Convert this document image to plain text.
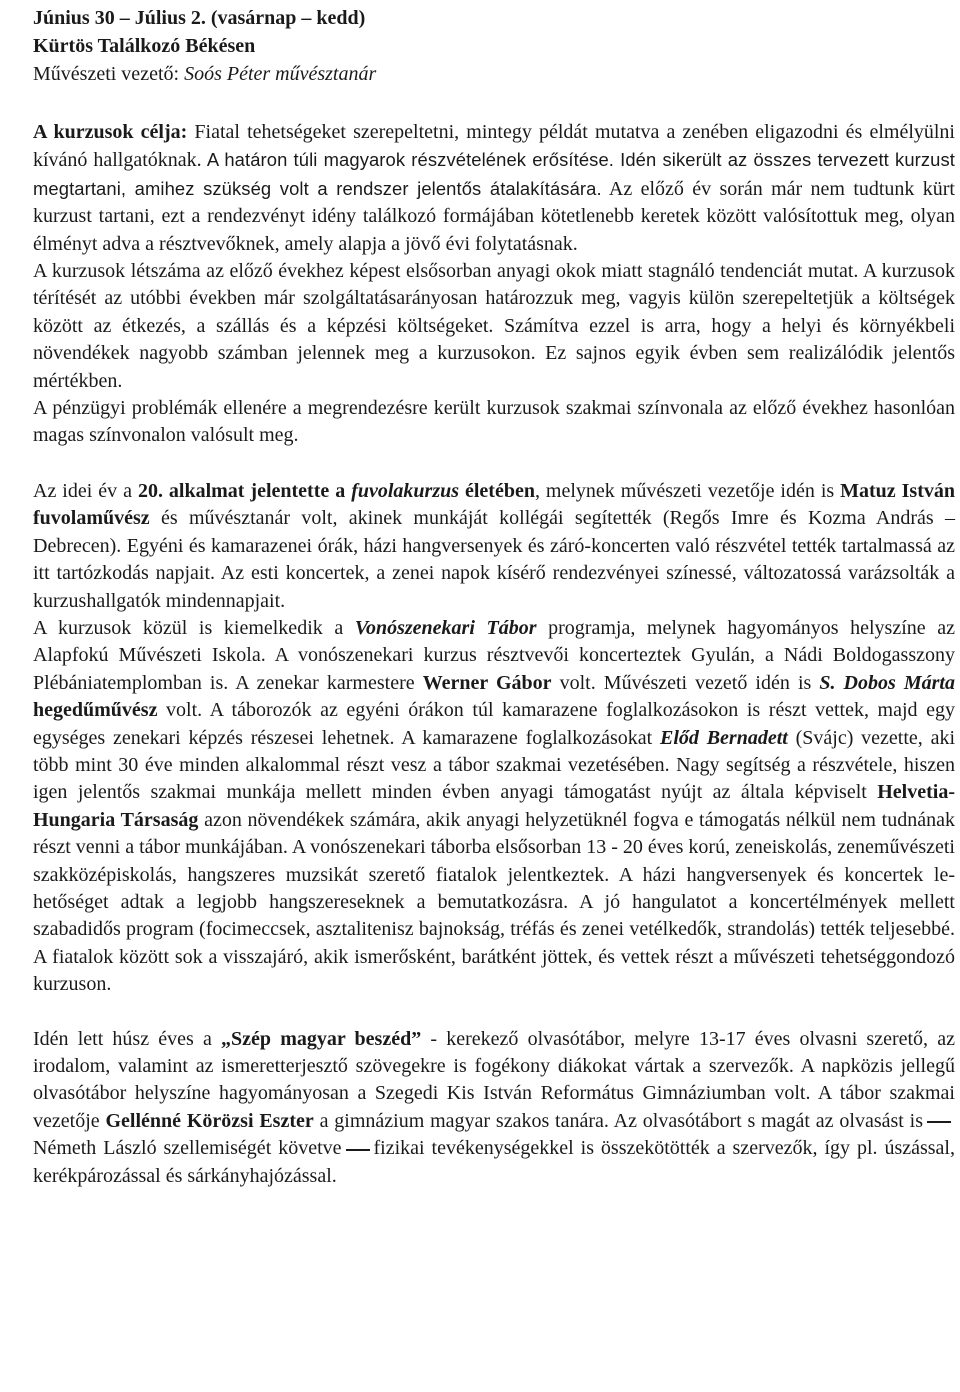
Június 30 – Július 2. (vasárnap – kedd)

Kürtös Találkozó Békésen

Művészeti vezető: Soós Péter művésztanár

A kurzusok célja: Fiatal tehetségeket szerepeltetni, mintegy példát mutatva a zenében eligazodni és elmélyülni kívánó hallgatóknak. A határon túli magyarok részvételének erősítése. Idén sikerült az összes tervezett kurzust megtartani, amihez szükség volt a rendszer jelentős átalakítására. Az előző év során már nem tudtunk kürt kurzust tartani, ezt a rendezvényt idény találkozó formájában kötetlenebb keretek között valósítottuk meg, olyan élményt adva a résztvevőknek, amely alapja a jövő évi folytatásnak.

A kurzusok létszáma az előző évekhez képest elsősorban anyagi okok miatt stagnáló tendenciát mutat. A kurzusok térítését az utóbbi években már szolgáltatásarányosan határozzuk meg, vagyis külön szerepeltetjük a költségek között az étkezés, a szállás és a képzési költségeket. Számítva ezzel is arra, hogy a helyi és környékbeli növendékek nagyobb számban jelennek meg a kurzusokon. Ez sajnos egyik évben sem realizálódik jelentős mértékben.

A pénzügyi problémák ellenére a megrendezésre került kurzusok szakmai színvonala az előző évekhez hasonlóan magas színvonalon valósult meg.

Az idei év a 20. alkalmat jelentette a fuvolakurzus életében, melynek művészeti vezetője idén is Matuz István fuvolaművész és művésztanár volt, akinek munkáját kollégái segítették (Regős Imre és Kozma András – Debrecen). Egyéni és kamarazenei órák, házi hangversenyek és záró-koncerten való részvétel tették tartalmassá az itt tartózkodás napjait. Az esti koncertek, a zenei napok kísérő rendezvényei színessé, változatossá varázsolták a kurzushallgatók mindennapjait.

A kurzusok közül is kiemelkedik a Vonószenekari Tábor programja, melynek hagyományos helyszíne az Alapfokú Művészeti Iskola. A vonószenekari kurzus résztvevői koncerteztek Gyulán, a Nádi Boldogasszony Plébániatemplomban is. A zenekar karmestere Werner Gábor volt. Művészeti vezető idén is S. Dobos Márta hegedűművész volt. A táborozók az egyéni órákon túl kamarazene foglalkozásokon is részt vettek, majd egy egységes zenekari képzés részesei lehetnek. A kamarazene foglalkozásokat Előd Bernadett (Svájc) vezette, aki több mint 30 éve minden alkalommal részt vesz a tábor szakmai vezetésében. Nagy segítség a részvétele, hiszen igen jelentős szakmai munkája mellett minden évben anyagi támogatást nyújt az általa képviselt Helvetia-Hungaria Társaság azon növendékek számára, akik anyagi helyzetüknél fogva e támogatás nélkül nem tudnának részt venni a tábor munkájában. A vonószenekari táborba elsősorban 13 - 20 éves korú, zeneiskolás, zeneművészeti szakközépiskolás, hangszeres muzsikát szerető fiatalok jelentkeztek. A házi hangversenyek és koncertek lehetőséget adtak a legjobb hangszereseknek a bemutatkozásra. A jó hangulatot a koncertélmények mellett szabadidős program (focimeccsek, asztalitenisz bajnokság, tréfás és zenei vetélkedők, strandolás) tették teljesebbé. A fiatalok között sok a visszajáró, akik ismerősként, barátként jöttek, és vettek részt a művészeti tehetséggondozó kurzuson.

Idén lett húsz éves a „Szép magyar beszéd” - kerekező olvasótábor, melyre 13-17 éves olvasni szerető, az irodalom, valamint az ismeretterjesztő szövegekre is fogékony diákokat vártak a szervezők. A napközis jellegű olvasótábor helyszíne hagyományosan a Szegedi Kis István Református Gimnáziumban volt. A tábor szakmai vezetője Gellénné Körözsi Eszter a gimnázium magyar szakos tanára. Az olvasótábort s magát az olvasást isNémeth László szellemiségét követve fizikai tevékenységekkel is összekötötték a szervezők, így pl. úszással, kerékpározással és sárkányhajózással.
